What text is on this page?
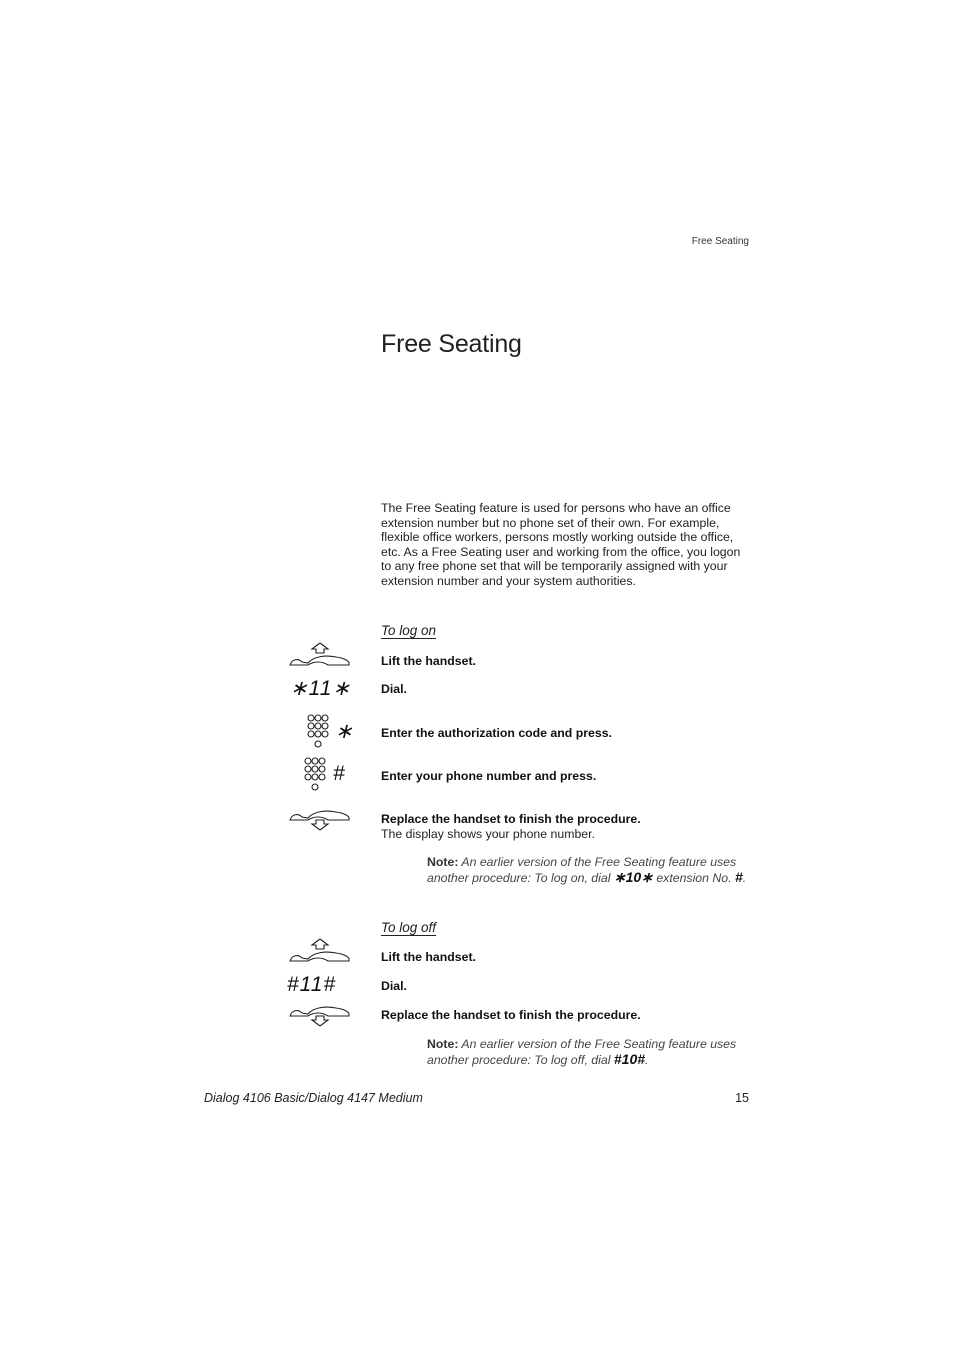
Free Seating
Free Seating
The Free Seating feature is used for persons who have an office extension number but no phone set of their own. For example, flexible office workers, persons mostly working outside the office, etc. As a Free Seating user and working from the office, you logon to any free phone set that will be temporarily assigned with your extension number and your system authorities.
To log on
Lift the handset.
∗11∗ Dial.
∗ Enter the authorization code and press.
#	Enter your phone number and press.
Replace the handset to finish the procedure.
The display shows your phone number.
Note: An earlier version of the Free Seating feature uses another procedure: To log on, dial ∗10∗ extension No. #.
To log off
Lift the handset.
#11#	Dial.
Replace the handset to finish the procedure.
Note: An earlier version of the Free Seating feature uses another procedure: To log off, dial #10#.
Dialog 4106 Basic/Dialog 4147 Medium	15
